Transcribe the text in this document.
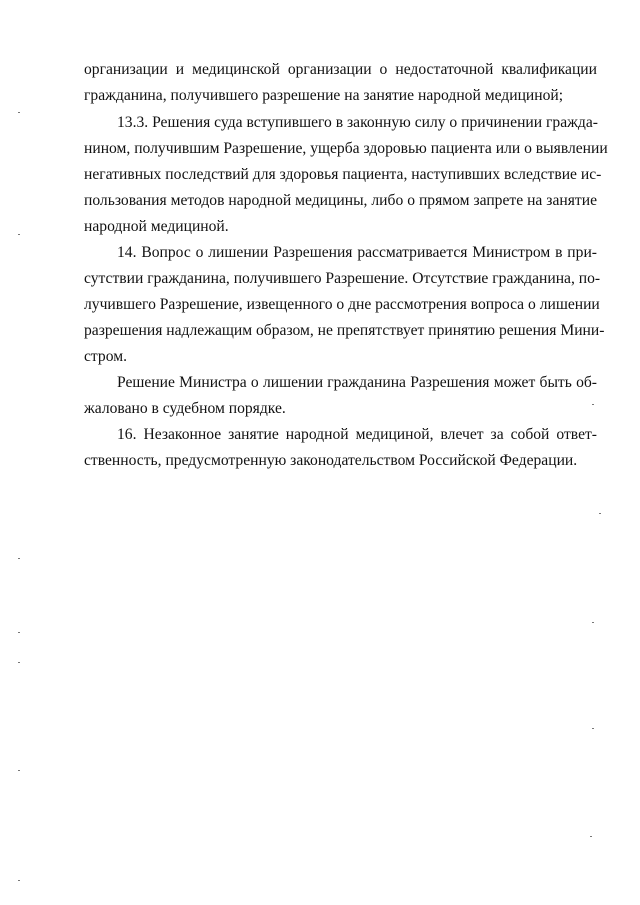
организации и медицинской организации о недостаточной квалификации
гражданина, получившего разрешение на занятие народной медициной;
13.3. Решения суда вступившего в законную силу о причинении гражда-
нином, получившим Разрешение, ущерба здоровью пациента или о выявлении
негативных последствий для здоровья пациента, наступивших вследствие ис-
пользования методов народной медицины, либо о прямом запрете на занятие
народной медициной.
14. Вопрос о лишении Разрешения рассматривается Министром в при-
сутствии гражданина, получившего Разрешение. Отсутствие гражданина, по-
лучившего Разрешение, извещенного о дне рассмотрения вопроса о лишении
разрешения надлежащим образом, не препятствует принятию решения Мини-
стром.
Решение Министра о лишении гражданина Разрешения может быть об-
жаловано в судебном порядке.
16. Незаконное занятие народной медициной, влечет за собой ответ-
ственность, предусмотренную законодательством Российской Федерации.
